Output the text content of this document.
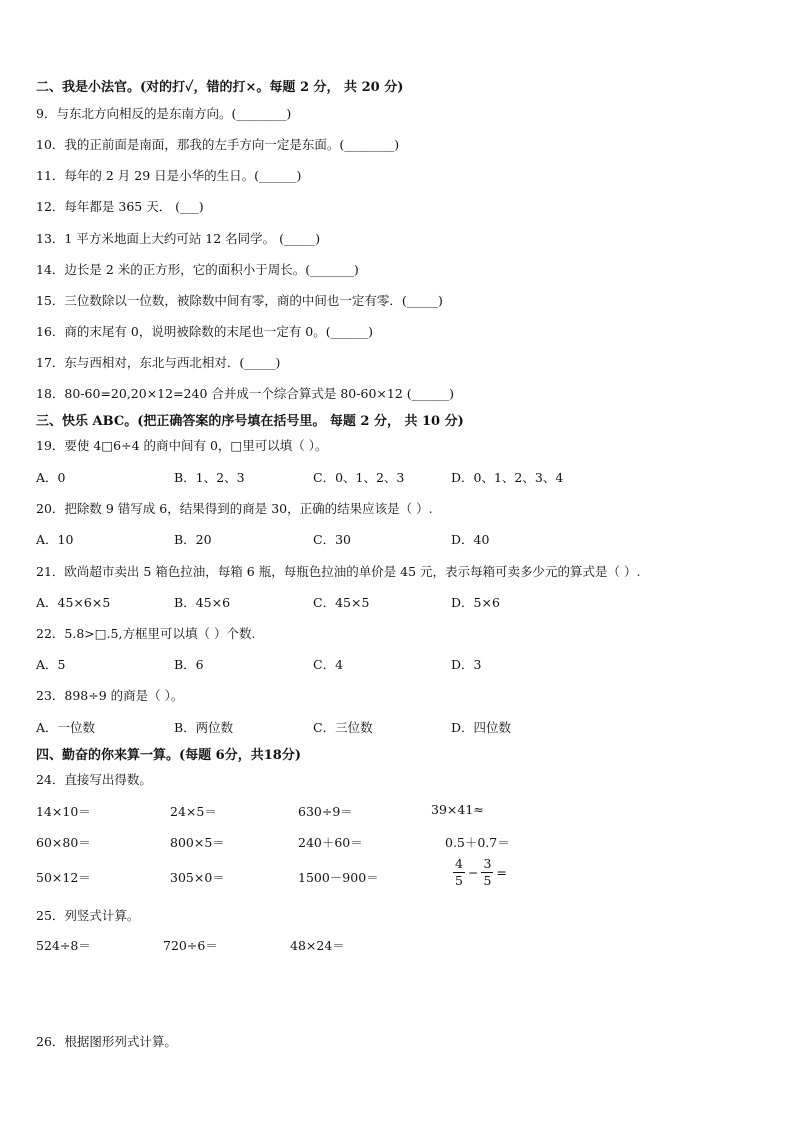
二、我是小法官。(对的打✓，错的打×。每题 2 分， 共 20 分)
9．与东北方向相反的是东南方向。(________)
10．我的正前面是南面，那我的左手方向一定是东面。(________)
11．每年的 2 月 29 日是小华的生日。(______)
12．每年都是 365 天． (___)
13．1 平方米地面上大约可站 12 名同学。 (_____)
14．边长是 2 米的正方形，它的面积小于周长。(_______)
15．三位数除以一位数，被除数中间有零，商的中间也一定有零．(_____)
16．商的末尾有 0，说明被除数的末尾也一定有 0。(______)
17．东与西相对，东北与西北相对．(_____)
18．80-60=20,20×12=240 合并成一个综合算式是 80-60×12 (______)
三、快乐 ABC。(把正确答案的序号填在括号里。 每题 2 分， 共 10 分)
19．要使 4□6÷4 的商中间有 0，□里可以填（ ）。
A．0	B．1、2、3	C．0、1、2、3	D．0、1、2、3、4
20．把除数 9 错写成 6，结果得到的商是 30，正确的结果应该是（ ）.
A．10	B．20	C．30	D．40
21．欧尚超市卖出 5 箱色拉油，每箱 6 瓶，每瓶色拉油的单价是 45 元，表示每箱可卖多少元的算式是（ ）.
A．45×6×5	B．45×6	C．45×5	D．5×6
22．5.8>□.5,方框里可以填（ ）个数.
A．5	B．6	C．4	D．3
23．898÷9 的商是（ ）。
A．一位数	B．两位数	C．三位数	D．四位数
四、勤奋的你来算一算。(每题 6分，共18分)
24．直接写出得数。
14×10＝	24×5＝	630÷9＝	39×41≈
60×80＝	800×5＝	240＋60＝	0.5＋0.7＝
50×12＝	305×0＝	1500－900＝	$\frac{4}{5} - \frac{3}{5}$ =
25．列竖式计算。
524÷8＝	720÷6＝	48×24＝
26．根据图形列式计算。
